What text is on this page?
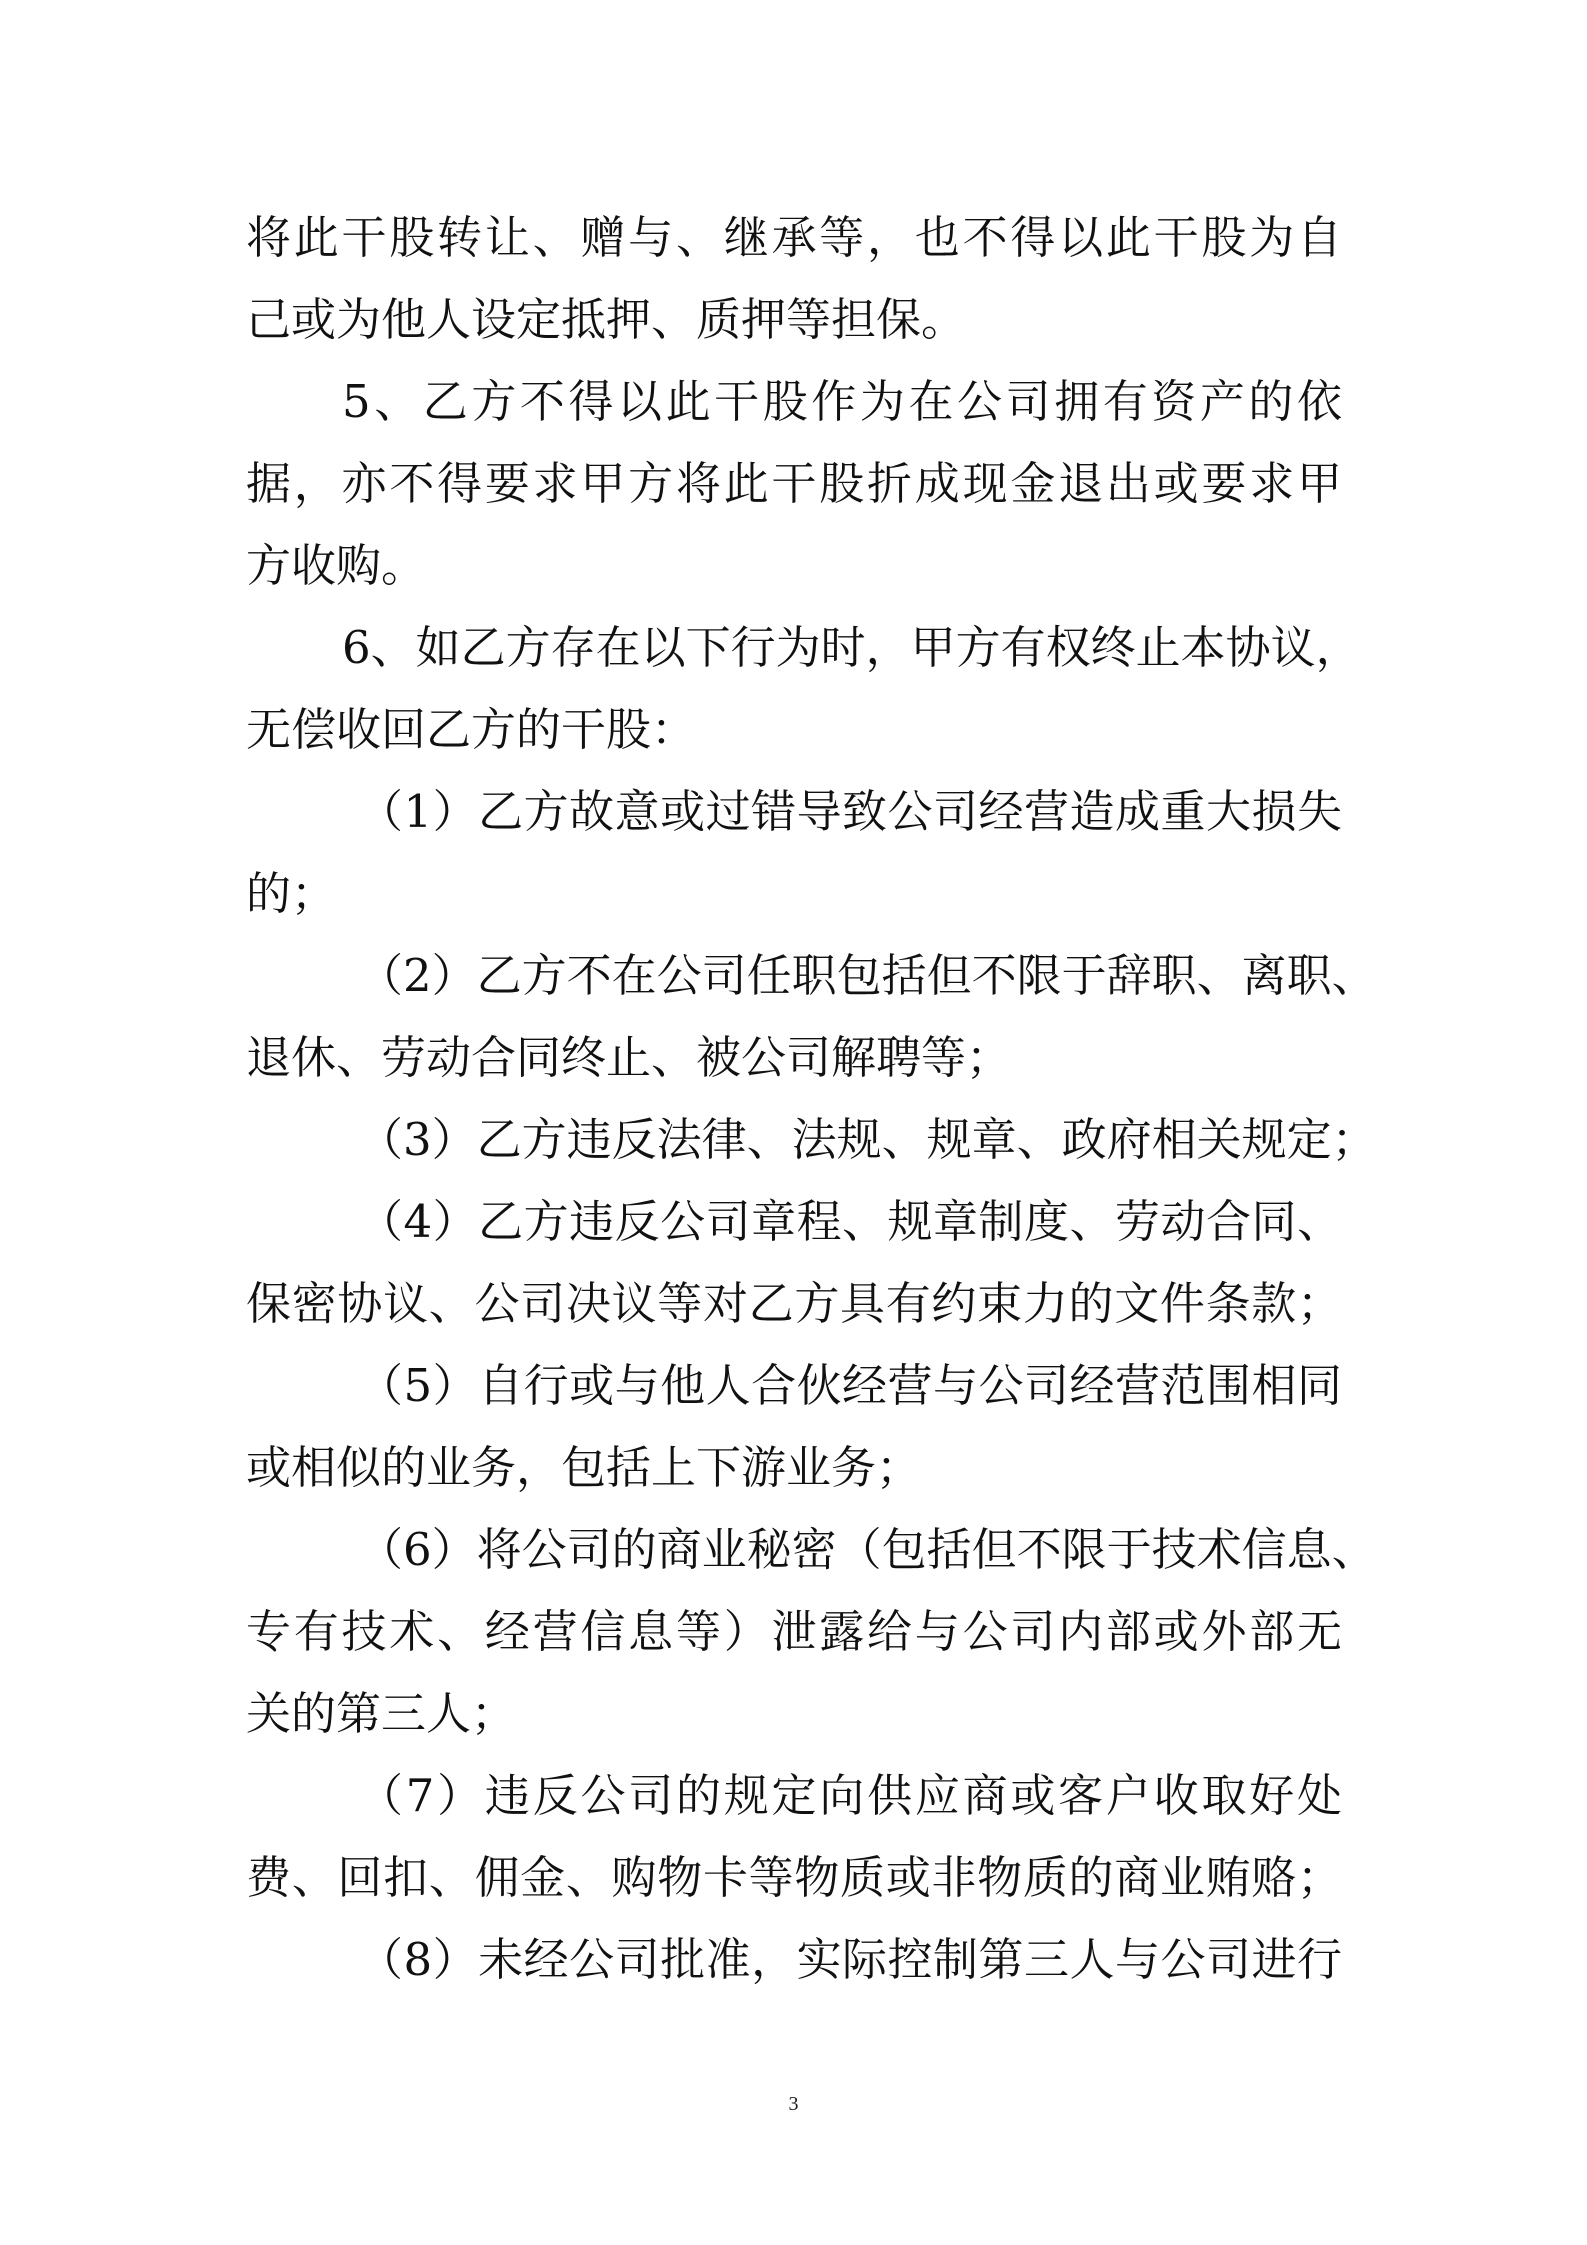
将此干股转让、赠与、继承等，也不得以此干股为自
己或为他人设定抵押、质押等担保。
5、乙方不得以此干股作为在公司拥有资产的依
据，亦不得要求甲方将此干股折成现金退出或要求甲
方收购。
6、如乙方存在以下行为时，甲方有权终止本协议，
无偿收回乙方的干股：
（1）乙方故意或过错导致公司经营造成重大损失
的；
（2）乙方不在公司任职包括但不限于辞职、离职、
退休、劳动合同终止、被公司解聘等；
（3）乙方违反法律、法规、规章、政府相关规定；
（4）乙方违反公司章程、规章制度、劳动合同、
保密协议、公司决议等对乙方具有约束力的文件条款；
（5）自行或与他人合伙经营与公司经营范围相同
或相似的业务，包括上下游业务；
（6）将公司的商业秘密（包括但不限于技术信息、
专有技术、经营信息等）泄露给与公司内部或外部无
关的第三人；
（7）违反公司的规定向供应商或客户收取好处
费、回扣、佣金、购物卡等物质或非物质的商业贿赂；
（8）未经公司批准，实际控制第三人与公司进行
3
